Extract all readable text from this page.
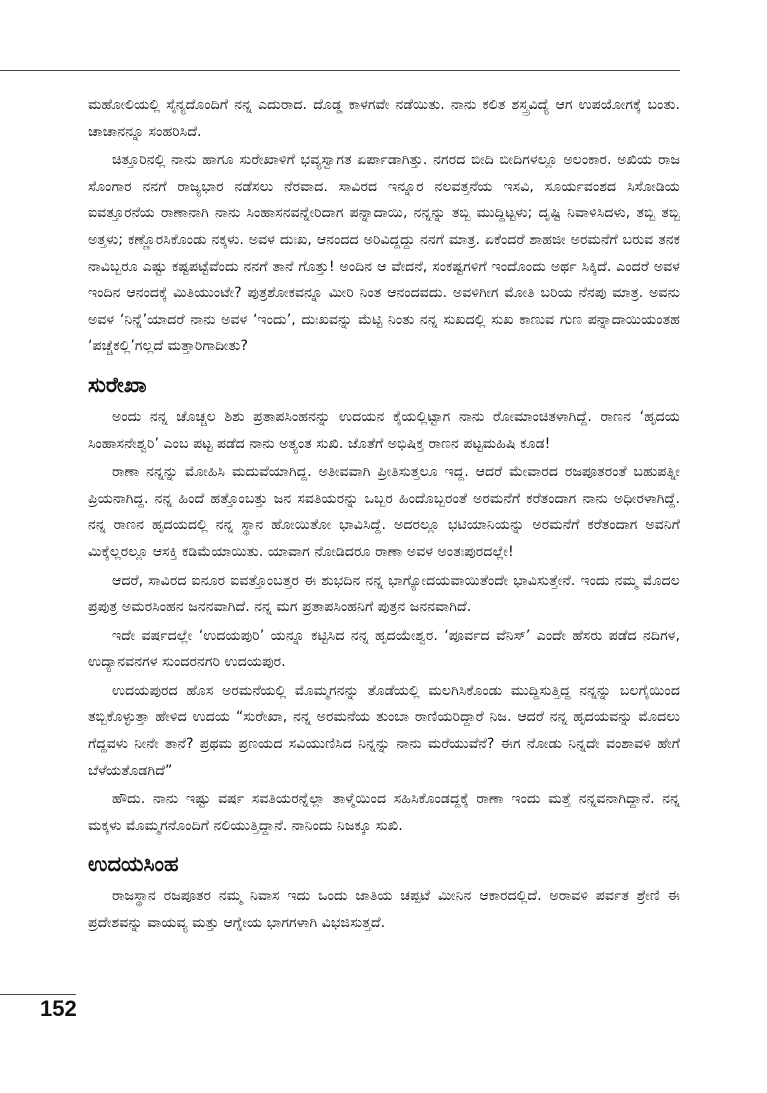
ಮಹೋಲಿಯಲ್ಲಿ ಸೈನ್ಯದೊಂದಿಗೆ ನನ್ನ ಎದುರಾದ. ದೊಡ್ಡ ಕಾಳಗವೇ ನಡೆಯಿತು. ನಾನು ಕಲಿತ ಶಸ್ತ್ರವಿದ್ಯೆ ಆಗ ಉಪಯೋಗಕ್ಕೆ ಬಂತು. ಚಾಚಾನನ್ನೂ ಸಂಹರಿಸಿದೆ.

ಚಿತ್ತೂರಿನಲ್ಲಿ ನಾನು ಹಾಗೂ ಸುರೇಖಾಳಿಗೆ ಭವ್ಯಸ್ವಾಗತ ಏರ್ಪಾಡಾಗಿತ್ತು. ನಗರದ ಬೀದಿ ಬೀದಿಗಳಲ್ಲೂ ಅಲಂಕಾರ. ಅಖಿಯ ರಾಜ ಸೊಂಗಾರ ನನಗೆ ರಾಜ್ಯಭಾರ ನಡೆಸಲು ನೆರವಾದ. ಸಾವಿರದ ಇನ್ನೂರ ನಲವತ್ತನೆಯ ಇಸವಿ, ಸೂರ್ಯವಂಶದ ಸಿಸೋಡಿಯ ಐವತ್ತೂರನೆಯ ರಾಣಾನಾಗಿ ನಾನು ಸಿಂಹಾಸನವನ್ನೇರಿದಾಗ ಪನ್ನಾದಾಯಿ, ನನ್ನನ್ನು ತಬ್ಬಿ ಮುದ್ದಿಟ್ಟಳು; ದೃಷ್ಟಿ ನಿವಾಳಿಸಿದಳು, ತಬ್ಬಿ ತಬ್ಬಿ ಅತ್ತಳು; ಕಣ್ಣೊರಸಿಕೊಂಡು ನಕ್ಕಳು. ಅವಳ ದುಃಖ, ಆನಂದದ ಅರಿವಿದ್ದದ್ದು ನನಗೆ ಮಾತ್ರ. ಏಕೆಂದರೆ ಶಾಹಜೀ ಅರಮನೆಗೆ ಬರುವ ತನಕ ನಾವಿಬ್ಬರೂ ಎಷ್ಟು ಕಷ್ಟಪಟ್ಟೆವೆಂದು ನನಗೆ ತಾನೆ ಗೊತ್ತು! ಅಂದಿನ ಆ ವೇದನೆ, ಸಂಕಷ್ಟಗಳಿಗೆ ಇಂದೊಂದು ಅರ್ಥ ಸಿಕ್ಕಿದೆ. ಎಂದರೆ ಅವಳ ಇಂದಿನ ಆನಂದಕ್ಕೆ ಮಿತಿಯುಂಟೇ? ಪುತ್ರಶೋಕವನ್ನೂ ಮೀರಿ ನಿಂತ ಆನಂದವದು. ಅವಳಿಗೀಗ ಮೋತಿ ಬರಿಯ ನೆನಪು ಮಾತ್ರ. ಅವನು ಅವಳ ‘ನಿನ್ನೆ’ಯಾದರೆ ನಾನು ಅವಳ ‘ಇಂದು’, ದುಃಖವನ್ನು ಮೆಟ್ಟಿ ನಿಂತು ನನ್ನ ಸುಖದಲ್ಲಿ ಸುಖ ಕಾಣುವ ಗುಣ ಪನ್ನಾದಾಯಿಯಂತಹ ‘ಪಚ್ಚೆಕಲ್ಲಿ’ಗಲ್ಲದೆ ಮತ್ತಾರಿಗಾದೀತು?

ಸುರೇಖಾ

ಅಂದು ನನ್ನ ಚೊಚ್ಚಲ ಶಿಶು ಪ್ರತಾಪಸಿಂಹನನ್ನು ಉದಯನ ಕೈಯಲ್ಲಿಟ್ಟಾಗ ನಾನು ರೋಮಾಂಚಿತಳಾಗಿದ್ದೆ. ರಾಣನ ‘ಹೃದಯ ಸಿಂಹಾಸನೇಶ್ವರಿ’ ಎಂಬ ಪಟ್ಟ ಪಡೆದ ನಾನು ಅತ್ಯಂತ ಸುಖಿ. ಜೊತೆಗೆ ಅಭಿಷಿಕ್ತ ರಾಣನ ಪಟ್ಟಮಹಿಷಿ ಕೂಡ!

ರಾಣಾ ನನ್ನನ್ನು ಮೋಹಿಸಿ ಮದುವೆಯಾಗಿದ್ದ. ಅತೀವವಾಗಿ ಪ್ರೀತಿಸುತ್ತಲೂ ಇದ್ದ. ಆದರೆ ಮೇವಾರದ ರಜಪೂತರಂತೆ ಬಹುಪತ್ನೀ ಪ್ರಿಯನಾಗಿದ್ದ. ನನ್ನ ಹಿಂದೆ ಹತ್ತೊಂಬತ್ತು ಜನ ಸವತಿಯರನ್ನು ಒಬ್ಬರ ಹಿಂದೊಬ್ಬರಂತೆ ಅರಮನೆಗೆ ಕರೆತಂದಾಗ ನಾನು ಅಧೀರಳಾಗಿದ್ದೆ. ನನ್ನ ರಾಣನ ಹೃದಯದಲ್ಲಿ ನನ್ನ ಸ್ಥಾನ ಹೋಯಿತೋ ಭಾವಿಸಿದ್ದೆ. ಅದರಲ್ಲೂ ಭಟಿಯಾನಿಯನ್ನು ಅರಮನೆಗೆ ಕರೆತಂದಾಗ ಅವನಿಗೆ ಮಿಕ್ಕೆಲ್ಲರಲ್ಲೂ ಆಸಕ್ತಿ ಕಡಿಮೆಯಾಯಿತು. ಯಾವಾಗ ನೋಡಿದರೂ ರಾಣಾ ಅವಳ ಅಂತಃಪುರದಲ್ಲೇ!

ಆದರೆ, ಸಾವಿರದ ಐನೂರ ಐವತ್ತೊಂಬತ್ತರ ಈ ಶುಭದಿನ ನನ್ನ ಭಾಗ್ಯೋದಯವಾಯಿತೆಂದೇ ಭಾವಿಸುತ್ತೇನೆ. ಇಂದು ನಮ್ಮ ಮೊದಲ ಪ್ರಪುತ್ರ ಅಮರಸಿಂಹನ ಜನನವಾಗಿದೆ. ನನ್ನ ಮಗ ಪ್ರತಾಪಸಿಂಹನಿಗೆ ಪುತ್ರನ ಜನನವಾಗಿದೆ.

ಇದೇ ವರ್ಷದಲ್ಲೇ ‘ಉದಯಪುರಿ’ ಯನ್ನೂ ಕಟ್ಟಿಸಿದ ನನ್ನ ಹೃದಯೇಶ್ವರ. ‘ಪೂರ್ವದ ವೆನಿಸ್’ ಎಂದೇ ಹೆಸರು ಪಡೆದ ನದಿಗಳ, ಉದ್ಯಾನವನಗಳ ಸುಂದರನಗರಿ ಉದಯಪುರ.

ಉದಯಪುರದ ಹೊಸ ಅರಮನೆಯಲ್ಲಿ ಮೊಮ್ಮಗನನ್ನು ತೊಡೆಯಲ್ಲಿ ಮಲಗಿಸಿಕೊಂಡು ಮುದ್ದಿಸುತ್ತಿದ್ದ ನನ್ನನ್ನು ಬಲಗೈಯಿಂದ ತಬ್ಬಿಕೊಳ್ಳುತ್ತಾ ಹೇಳಿದ ಉದಯ “ಸುರೇಖಾ, ನನ್ನ ಅರಮನೆಯ ತುಂಬಾ ರಾಣಿಯರಿದ್ದಾರೆ ನಿಜ. ಆದರೆ ನನ್ನ ಹೃದಯವನ್ನು ಮೊದಲು ಗೆದ್ದವಳು ನೀನೇ ತಾನೆ? ಪ್ರಥಮ ಪ್ರಣಯದ ಸವಿಯುಣಿಸಿದ ನಿನ್ನನ್ನು ನಾನು ಮರೆಯುವೆನೆ? ಈಗ ನೋಡು ನಿನ್ನದೇ ವಂಶಾವಳಿ ಹೇಗೆ ಬೆಳೆಯತೊಡಗಿದೆ”

ಹೌದು. ನಾನು ಇಷ್ಟು ವರ್ಷ ಸವತಿಯರನ್ನೆಲ್ಲಾ ತಾಳ್ಮೆಯಿಂದ ಸಹಿಸಿಕೊಂಡದ್ದಕ್ಕೆ ರಾಣಾ ಇಂದು ಮತ್ತೆ ನನ್ನವನಾಗಿದ್ದಾನೆ. ನನ್ನ ಮಕ್ಕಳು ಮೊಮ್ಮಗನೊಂದಿಗೆ ನಲಿಯುತ್ತಿದ್ದಾನೆ. ನಾನಿಂದು ನಿಜಕ್ಕೂ ಸುಖಿ.

ಉದಯಸಿಂಹ

ರಾಜಸ್ಥಾನ ರಜಪೂತರ ನಮ್ಮ ನಿವಾಸ ಇದು ಒಂದು ಜಾತಿಯ ಚಪ್ಪಟೆ ಮೀನಿನ ಆಕಾರದಲ್ಲಿದೆ. ಅರಾವಳಿ ಪರ್ವತ ಶ್ರೇಣಿ ಈ ಪ್ರದೇಶವನ್ನು ವಾಯವ್ಯ ಮತ್ತು ಆಗ್ನೇಯ ಭಾಗಗಳಾಗಿ ವಿಭಜಿಸುತ್ತದೆ.

152
